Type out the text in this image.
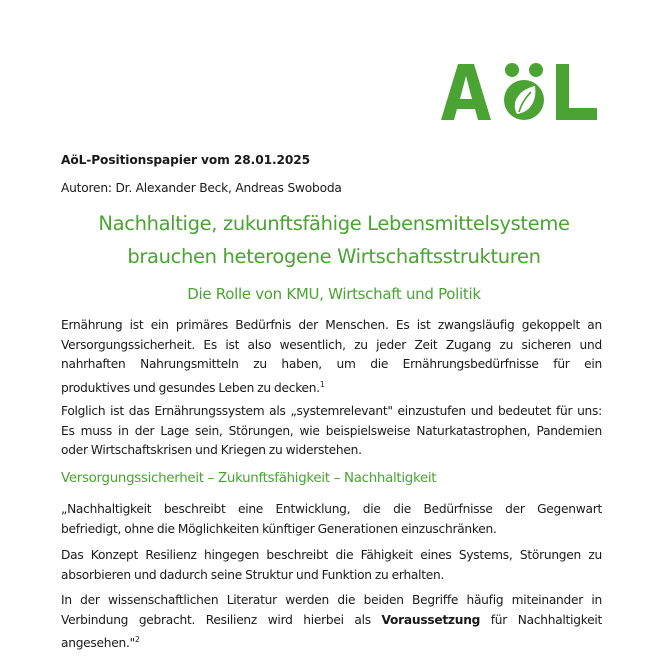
AöL-Positionspapier vom 28.01.2025
Autoren: Dr. Alexander Beck, Andreas Swoboda
Nachhaltige, zukunftsfähige Lebensmittelsysteme
brauchen heterogene Wirtschaftsstrukturen
Die Rolle von KMU, Wirtschaft und Politik
Ernährung ist ein primäres Bedürfnis der Menschen. Es ist zwangsläufig gekoppelt an
Versorgungssicherheit. Es ist also wesentlich, zu jeder Zeit Zugang zu sicheren und
nahrhaften Nahrungsmitteln zu haben, um die Ernährungsbedürfnisse für ein
produktives und gesundes Leben zu decken.$^1$
Folglich ist das Ernährungssystem als „systemrelevant" einzustufen und bedeutet für uns:
Es muss in der Lage sein, Störungen, wie beispielsweise Naturkatastrophen, Pandemien
oder Wirtschaftskrisen und Kriegen zu widerstehen.
Versorgungssicherheit – Zukunftsfähigkeit – Nachhaltigkeit
„Nachhaltigkeit beschreibt eine Entwicklung, die die Bedürfnisse der Gegenwart
befriedigt, ohne die Möglichkeiten künftiger Generationen einzuschränken.
Das Konzept Resilienz hingegen beschreibt die Fähigkeit eines Systems, Störungen zu
absorbieren und dadurch seine Struktur und Funktion zu erhalten.
In der wissenschaftlichen Literatur werden die beiden Begriffe häufig miteinander in
Verbindung gebracht. Resilienz wird hierbei als Voraussetzung für Nachhaltigkeit
angesehen."$^2$
